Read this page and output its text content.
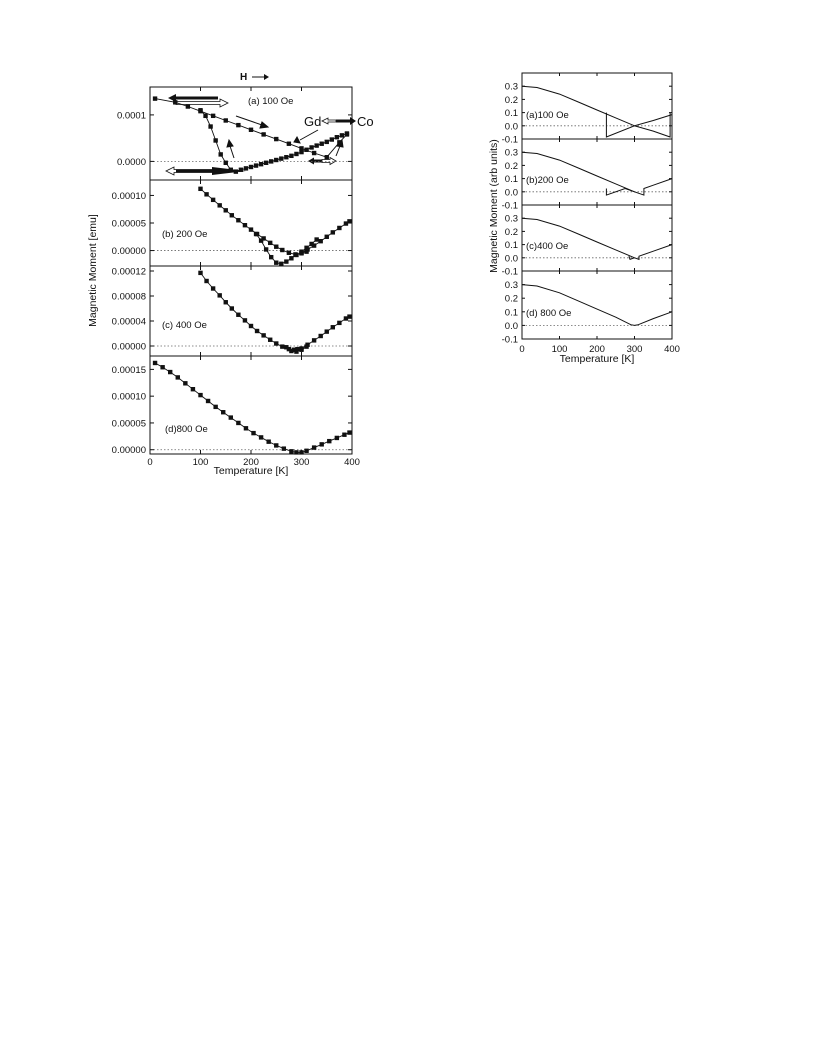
H
Gd	Co
0.0001
0.0000
(a) 100 Oe
0.00010
0.00005
0.00000
(b) 200 Oe
0.00012
0.00008
0.00004
0.00000
(c) 400 Oe
0.00015
0.00010
0.00005
0.00000
(d)800 Oe
0	100	200	300	400
Temperature [K]
Magnetic Moment [emu]
0.3
0.2
0.1
0.0
-0.1
(a)100 Oe
0.3
0.2
0.1
0.0
-0.1
(b)200 Oe
0.3
0.2
0.1
0.0
-0.1
(c)400 Oe
0.3
0.2
0.1
0.0
-0.1
(d) 800 Oe
0	100 200 300 400
Temperature [K]
Magnetic Moment (arb units)
